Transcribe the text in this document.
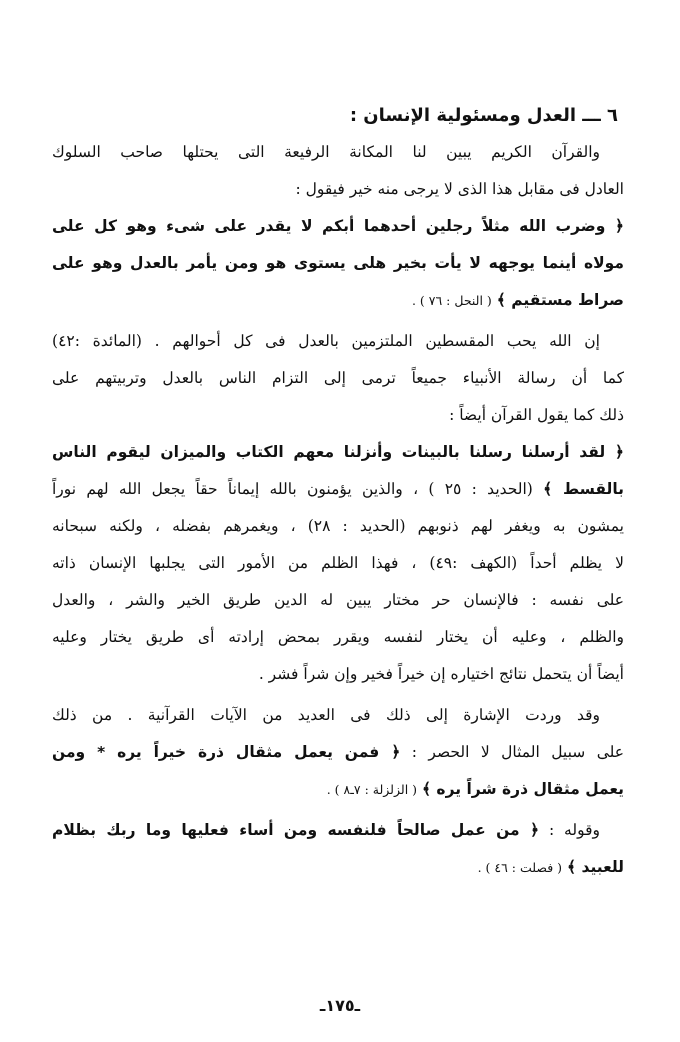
٦ ـــ العدل ومسئولية الإنسان :
والقرآن الكريم يبين لنا المكانة الرفيعة التى يحتلها صاحب السلوك
العادل فى مقابل هذا الذى لا يرجى منه خير فيقول :
﴿ وضرب الله مثلاً رجلين أحدهما أبكم لا يقدر على شىء وهو كل على
مولاه أينما يوجهه لا يأت بخير هلى يستوى هو ومن يأمر بالعدل وهو على
صراط مستقيم ﴾ ( النحل : ٧٦ ) .
إن الله يحب المقسطين الملتزمين بالعدل فى كل أحوالهم . (المائدة :٤٢)
كما أن رسالة الأنبياء جميعاً ترمى إلى التزام الناس بالعدل وتربيتهم على
ذلك كما يقول القرآن أيضاً :
﴿ لقد أرسلنا رسلنا بالبينات وأنزلنا معهم الكتاب والميزان ليقوم الناس
بالقسط ﴾ (الحديد : ٢٥ ) ، والذين يؤمنون بالله إيماناً حقاً يجعل الله لهم نوراً
يمشون به ويغفر لهم ذنوبهم (الحديد : ٢٨) ، ويغمرهم بفضله ، ولكنه سبحانه
لا يظلم أحداً (الكهف :٤٩) ، فهذا الظلم من الأمور التى يجلبها الإنسان ذاته
على نفسه : فالإنسان حر مختار يبين له الدين طريق الخير والشر ، والعدل
والظلم ، وعليه أن يختار لنفسه ويقرر بمحض إرادته أى طريق يختار وعليه
أيضاً أن يتحمل نتائج اختياره إن خيراً فخير وإن شراً فشر .
وقد وردت الإشارة إلى ذلك فى العديد من الآيات القرآنية . من ذلك
على سبيل المثال لا الحصر : ﴿ فمن يعمل مثقال ذرة خيراً يره * ومن
يعمل مثقال ذرة شراً يره ﴾ ( الزلزلة : ٧ـ٨ ) .
وقوله : ﴿ من عمل صالحاً فلنفسه ومن أساء فعليها وما ربك بظلام
للعبيد ﴾ ( فصلت : ٤٦ ) .
ـ١٧٥ـ
